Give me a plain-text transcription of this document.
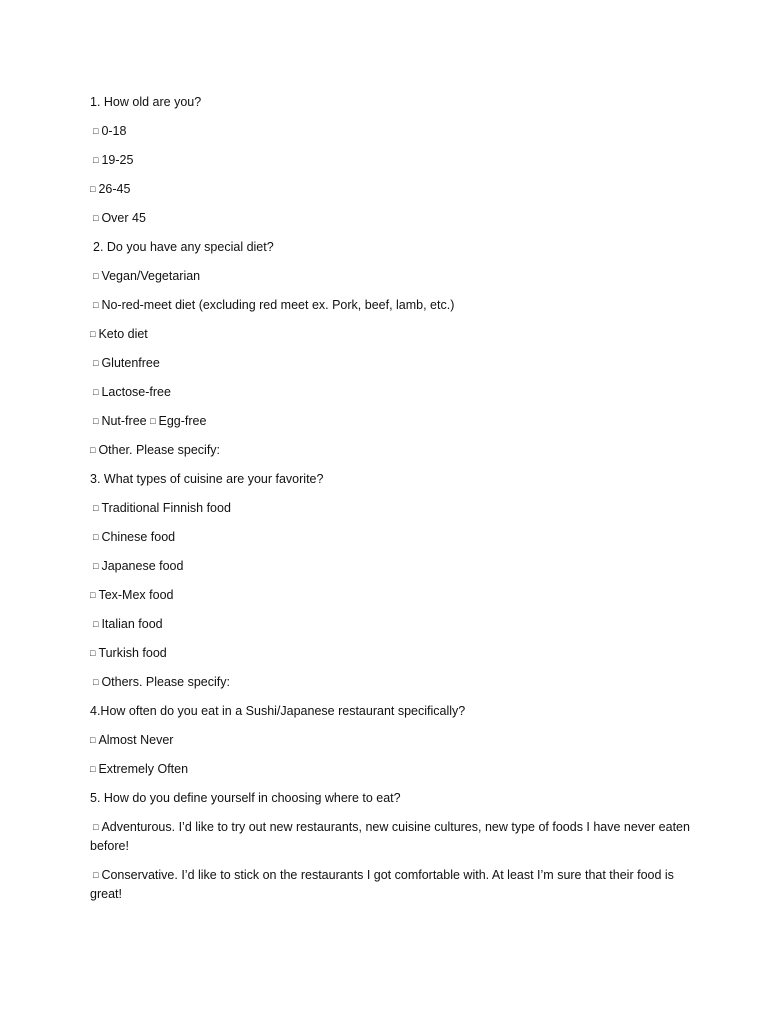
1. How old are you?
□ 0-18
□ 19-25
□ 26-45
□ Over 45
2. Do you have any special diet?
□ Vegan/Vegetarian
□ No-red-meet diet (excluding red meet ex. Pork, beef, lamb, etc.)
□ Keto diet
□ Glutenfree
□ Lactose-free
□ Nut-free □ Egg-free
□ Other. Please specify:
3. What types of cuisine are your favorite?
□ Traditional Finnish food
□ Chinese food
□ Japanese food
□ Tex-Mex food
□ Italian food
□ Turkish food
□ Others. Please specify:
4.How often do you eat in a Sushi/Japanese restaurant specifically?
□ Almost Never
□ Extremely Often
5. How do you define yourself in choosing where to eat?
□ Adventurous. I’d like to try out new restaurants, new cuisine cultures, new type of foods I have never eaten before!
□ Conservative. I’d like to stick on the restaurants I got comfortable with. At least I’m sure that their food is great!
